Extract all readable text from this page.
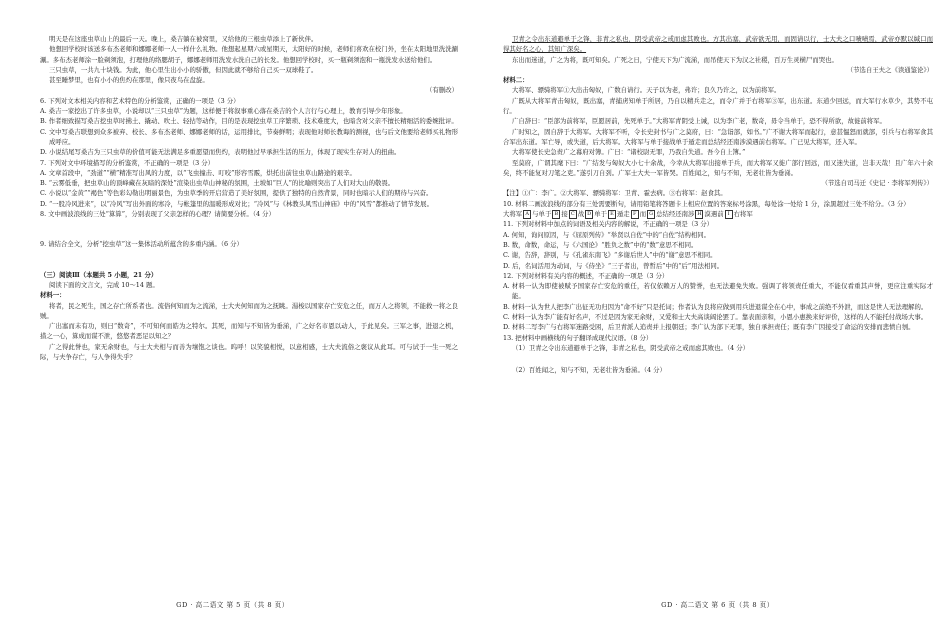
明天是在这座虫草山上的最后一天。晚上，桑吉躺在被窝里，又给他的三根虫草添上了新伙伴。

他想回学校时该送多布杰老师和娜娜老师一人一样什么礼物。他想起星期六或星期天，太阳好的时候，老师们喜欢在校门外，坐在太阳地里洗洗涮涮。多布杰老师涂一脸剃须泡，打理他的络腮胡子，娜娜老师用洗发水洗自己的长发。他想回学校时，买一瓶剃须泡和一瓶洗发水送给他们。

三只虫草，一共九十块钱。为此，他心里生出小小的骄傲，但因此就不够给自己买一双球鞋了。

甚至睡梦里，也有小小的焦灼在那里，像只夜鸟在盘旋。

（有删改）

6. 下列对文本相关内容和艺术特色的分析鉴赏，正确的一项是（3 分）

A. 桑吉一家挖出了许多虫草，小说却以“三只虫草”为题，这样便于将叙事重心落在桑吉的个人言行与心理上，教育引导少年形象。

B. 作者细致描写桑吉挖虫草时拂土、撬动、吹土、轻拈等动作，目的是表现挖虫草工序繁琐、技术难度大，也暗含对父亲不擅长精细活的委婉批评。

C. 文中写桑吉联想到众多被弃、校长、多布杰老师、娜娜老师的话，运用排比，节奏鲜明；表现他对师长教诲的测视，也与后文他要给老师买礼物形成呼应。

D. 小说结尾写桑吉为三只虫草的价值可能无法满足多重愿望而焦灼，表明他过早承担生活的压力，体现了现实生存对人的扭曲。

7. 下列对文中环境描写的分析鉴赏，不正确的一项是（3 分）

A. 文章首段中，“劲道”“横”精准写出风的力度，以“飞虫撞击、叮咬”形容雪霰，烘托出前往虫草山路途的艰辛。

B. “云雾低垂，把虫草山的顶峰藏在灰暗的深处”渲染出虫草山神秘的氛围，土坡如“巨人”的比喻则突出了人们对大山的敬畏。

C. 小说以“金黄”“褐色”等色彩勾勒出明丽景色，为虫草季的开启营造了美好氛围，提供了独特的自然背景，同时也暗示人们的期待与兴奋。

D. “一股冷风进来”，以“冷风”写出外面的寒冷，与帐篷里的温暖形成对比；“冷风”与《林教头风雪山神庙》中的“风雪”都推动了情节发展。

8. 文中画波浪线的三处“算算”，分别表现了父亲怎样的心理？请简要分析。（4 分）

9. 请结合全文，分析“挖虫草”这一集体活动所蕴含的多重内涵。（6 分）

（三）阅读Ⅲ（本题共 5 小题，21 分）

阅读下面的文言文，完成 10～14 题。

材料一：

将者，民之死生，国之存亡所系者也。流俗何知而为之流涕，士大夫何知而为之抚眺。湯梭以国家存亡安危之任，而万人之将领，不能救一将之良贼。

广出塞而未有功，则曰“数奇”，不可知何而皓为之特尔。其死，而知与不知皆为垂涕，广之好名市恩以动人，于此见矣。三军之事，进退之机，措之一心，算成而谋不泄，悠悠者恶足以知之？

广之得此誉也，家无余财也，与士大夫相与而善为壤饱之谈也。呜呼！以笑貌相悦，以意相感，士大夫流俗之褒议从此耳。可与试于一生一死之际，与夫争存亡，与人争得失乎？

GD · 高二语文 第 5 页（共 8 页）

卫青之令出东道避单于之锋，非青之私也，阴受武帝之戒而虑其败也。方其出塞，武帝欲无用，而固请以行，士大夫之口啧啧焉，武帝亦默以缄口而得其好名之心，其知广深矣。

东出而迷道，广之为将，既可知矣。广死之日，宁使天下为广流涕，而吊使天下为汉之社稷，百万生灵横尸而哭也。

（节选自王夫之《读通鉴论》）

材料二：

大将军、骠骑将军①大出击匈奴，广数自请行。天子以为老，弗许；良久乃许之，以为前将军。

广既从大将军青击匈奴，既出塞，青捕虏知单于所居，乃自以精兵走之，而令广并于右将军③军，出东道。东道少回远，而大军行水草少，其势不屯行。

广自辞曰：“臣部为前将军，臣愿居前，先死单于。”大将军青阴受上诫，以为李广老，数奇，毋令当单于，恐不得所欲，故徙前将军。

广时知之，固自辞于大将军。大将军不听，令长史封书与广之莫府，曰：“急诣部，如书。”广不谢大将军而起行，意甚愠怒而就部，引兵与右将军食其合军出东道。军亡导，或失道，后大将军。大将军与单于接战单于遁走而总结经还南涉漠遇前右将军。广已见大将军，还入军。

大将军使长史急责广之幕府对簿。广曰：“诸校尉无罪，乃我自失道。吾今自上簿。”

至莫府，广谓其麾下曰：“广结发与匈奴大小七十余战，今幸从大将军出接单于兵，而大将军又徙广部行回远，而又迷失道，岂非天哉！且广年六十余矣，终不能复对刀笔之吏。”遂引刀自刭。广军士大夫一军皆哭。百姓闻之，知与不知，无老壮皆为垂涕。

（节选自司马迁《史记 · 李将军列传》）

【注】①广：李广。②大将军、骠骑将军：卫青、霍去病。③右将军：赵食其。

10. 材料二画波浪线的部分有三处需要断句，请用铅笔将答题卡上相应位置的答案标号涂黑，每处涂一处给 1 分，涂黑超过三处不给分。（3 分）

大将军 A 与单于 B 接 C 战 D 单于 E 遁走 F 而 G 总结经还南涉 H 漠遇前 I 右将军

11. 下列对材料中加点的词语及相关内容的解说，不正确的一项是（3 分）

A. 何知，询问原因，与《屈原列传》“举贤以自佐”中的“自佐”结构相同。

B. 数，命数，命运，与《六国论》“胜负之数”中的“数”意思不相同。

C. 谢，告辞，辞别，与《孔雀东南飞》“多谢后世人”中的“谢”意思不相同。

D. 后，名词活用为动词，与《侍坐》“三子者出，曾皙后”中的“后”用法相同。

12. 下列对材料有关内容的概述，不正确的一项是（3 分）

A. 材料一认为即使被赋予国家存亡安危的重任，若仅依赖万人的赞誉，也无法避免失败。强调了将领责任重大，不能仅看重其声誉，更应注重实际才能。

B. 材料一认为世人把李广出征无功归因为“命不好”只是托词；作者认为良将应做到用兵进退谋全在心中，事成之前绝不外泄，而这是世人无法理解的。

C. 材料一认为李广能有好名声，不过是因为家无余财，又爱和士大夫高谈阔论罢了。靠表面亲和，小恩小惠换来好评价，这样的人不能托付战场大事。

D. 材料二写李广与右将军迷路受困，后卫青派人追责并上报朝廷；李广认为部下无罪，独自承担责任；既有李广因接受了命运的安排而悲愤自刎。

13. 把材料中画横线的句子翻译成现代汉语。（8 分）

（1）卫青之令出东道避单于之锋，非青之私也，阴受武帝之戒而虑其败也。（4 分）

（2）百姓闻之，知与不知，无老壮皆为垂涕。（4 分）

GD · 高二语文 第 6 页（共 8 页）
